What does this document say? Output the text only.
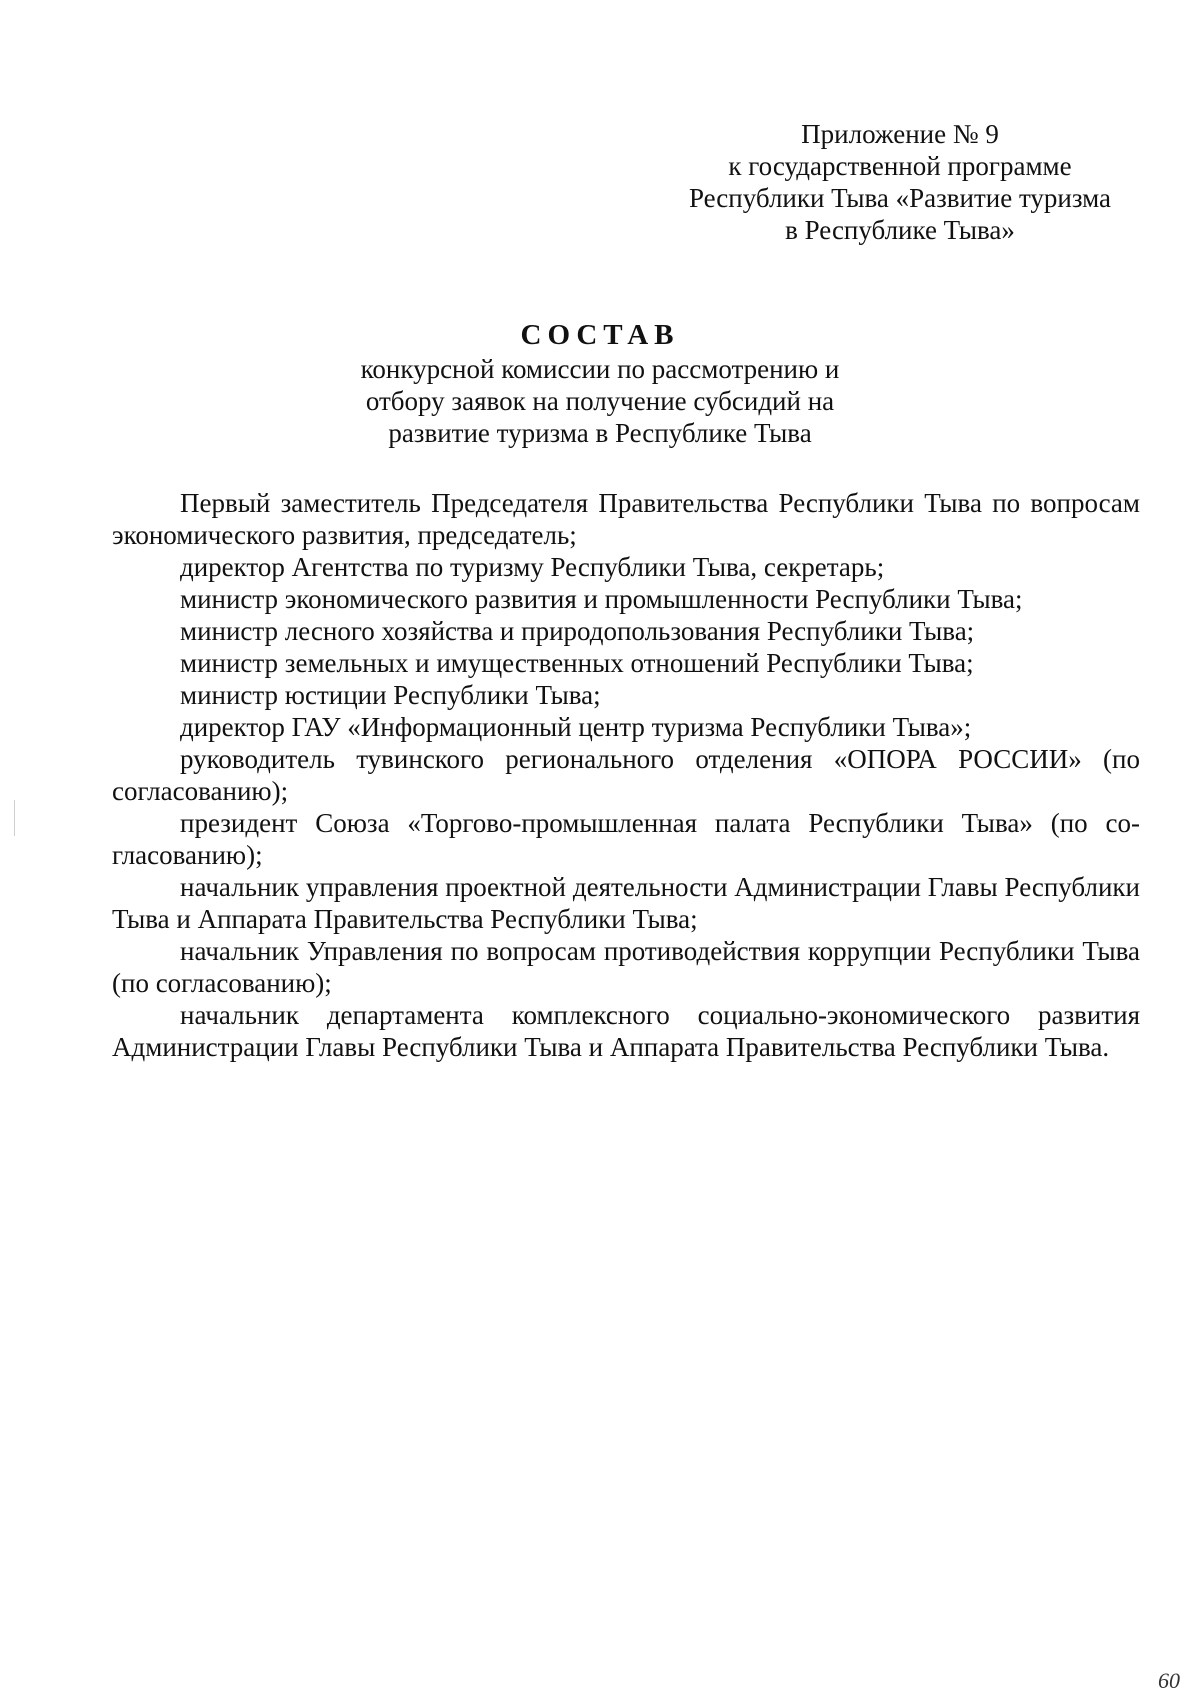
Приложение № 9
к государственной программе
Республики Тыва «Развитие туризма
в Республике Тыва»
СОСТАВ
конкурсной комиссии по рассмотрению и
отбору заявок на получение субсидий на
развитие туризма в Республике Тыва

Первый заместитель Председателя Правительства Республики Тыва по вопросам экономического развития, председатель;

директор Агентства по туризму Республики Тыва, секретарь;

министр экономического развития и промышленности Республики Тыва;

министр лесного хозяйства и природопользования Республики Тыва;

министр земельных и имущественных отношений Республики Тыва;

министр юстиции Республики Тыва;

директор ГАУ «Информационный центр туризма Республики Тыва»;

руководитель тувинского регионального отделения «ОПОРА РОССИИ» (по согласованию);

президент Союза «Торгово-промышленная палата Республики Тыва» (по согласованию);

начальник управления проектной деятельности Администрации Главы Республики Тыва и Аппарата Правительства Республики Тыва;

начальник Управления по вопросам противодействия коррупции Республики Тыва (по согласованию);

начальник департамента комплексного социально-экономического развития Администрации Главы Республики Тыва и Аппарата Правительства Республики Тыва.

60
